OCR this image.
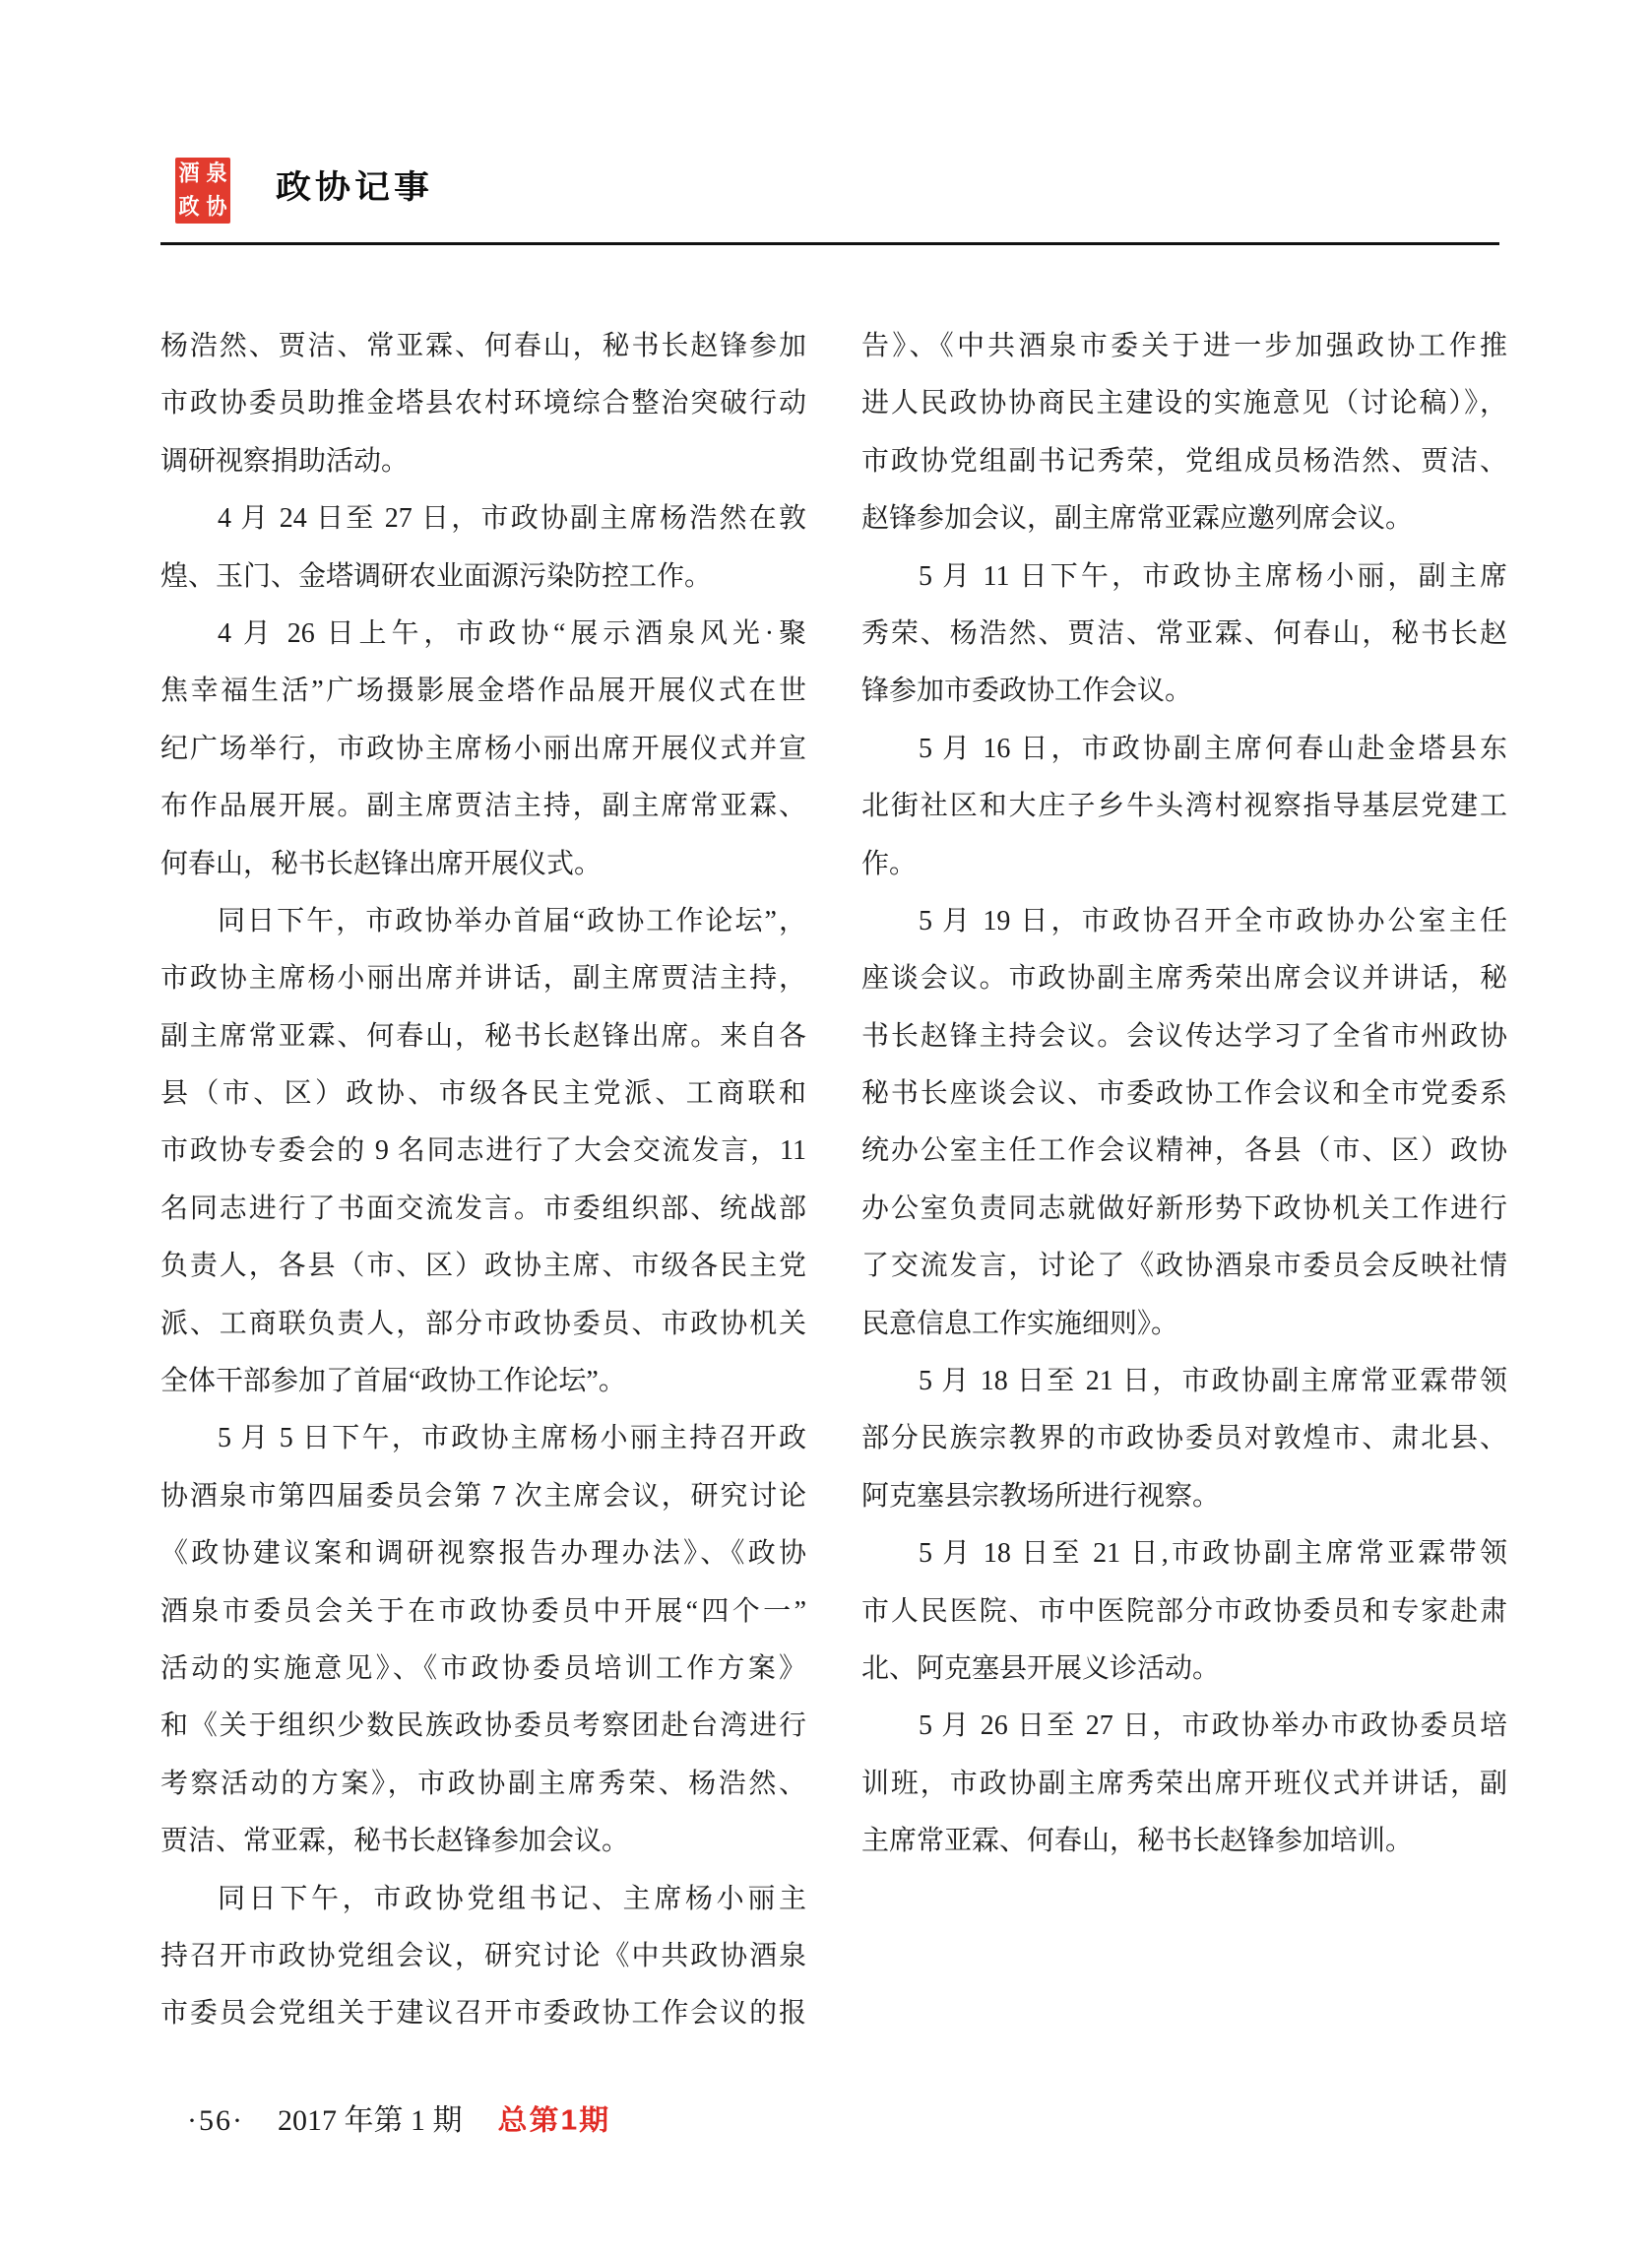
酒 泉
政 协
政协记事
杨浩然、贾洁、常亚霖、何春山，秘书长赵锋参加
市政协委员助推金塔县农村环境综合整治突破行动
调研视察捐助活动。
4 月 24 日至 27 日，市政协副主席杨浩然在敦
煌、玉门、金塔调研农业面源污染防控工作。
4 月 26 日上午，市政协“展示酒泉风光·聚
焦幸福生活”广场摄影展金塔作品展开展仪式在世
纪广场举行，市政协主席杨小丽出席开展仪式并宣
布作品展开展。副主席贾洁主持，副主席常亚霖、
何春山，秘书长赵锋出席开展仪式。
同日下午，市政协举办首届“政协工作论坛”，
市政协主席杨小丽出席并讲话，副主席贾洁主持，
副主席常亚霖、何春山，秘书长赵锋出席。来自各
县（市、区）政协、市级各民主党派、工商联和
市政协专委会的 9 名同志进行了大会交流发言，11
名同志进行了书面交流发言。市委组织部、统战部
负责人，各县（市、区）政协主席、市级各民主党
派、工商联负责人，部分市政协委员、市政协机关
全体干部参加了首届“政协工作论坛”。
5 月 5 日下午，市政协主席杨小丽主持召开政
协酒泉市第四届委员会第 7 次主席会议，研究讨论
《政协建议案和调研视察报告办理办法》、《政协
酒泉市委员会关于在市政协委员中开展“四个一”
活动的实施意见》、《市政协委员培训工作方案》
和《关于组织少数民族政协委员考察团赴台湾进行
考察活动的方案》，市政协副主席秀荣、杨浩然、
贾洁、常亚霖，秘书长赵锋参加会议。
同日下午，市政协党组书记、主席杨小丽主
持召开市政协党组会议，研究讨论《中共政协酒泉
市委员会党组关于建议召开市委政协工作会议的报
告》、《中共酒泉市委关于进一步加强政协工作推
进人民政协协商民主建设的实施意见（讨论稿）》，
市政协党组副书记秀荣，党组成员杨浩然、贾洁、
赵锋参加会议，副主席常亚霖应邀列席会议。
5 月 11 日下午，市政协主席杨小丽，副主席
秀荣、杨浩然、贾洁、常亚霖、何春山，秘书长赵
锋参加市委政协工作会议。
5 月 16 日，市政协副主席何春山赴金塔县东
北街社区和大庄子乡牛头湾村视察指导基层党建工
作。
5 月 19 日，市政协召开全市政协办公室主任
座谈会议。市政协副主席秀荣出席会议并讲话，秘
书长赵锋主持会议。会议传达学习了全省市州政协
秘书长座谈会议、市委政协工作会议和全市党委系
统办公室主任工作会议精神，各县（市、区）政协
办公室负责同志就做好新形势下政协机关工作进行
了交流发言，讨论了《政协酒泉市委员会反映社情
民意信息工作实施细则》。
5 月 18 日至 21 日，市政协副主席常亚霖带领
部分民族宗教界的市政协委员对敦煌市、肃北县、
阿克塞县宗教场所进行视察。
5 月 18 日至 21 日,市政协副主席常亚霖带领
市人民医院、市中医院部分市政协委员和专家赴肃
北、阿克塞县开展义诊活动。
5 月 26 日至 27 日，市政协举办市政协委员培
训班，市政协副主席秀荣出席开班仪式并讲话，副
主席常亚霖、何春山，秘书长赵锋参加培训。
·56· 2017 年第 1 期 总第1期
